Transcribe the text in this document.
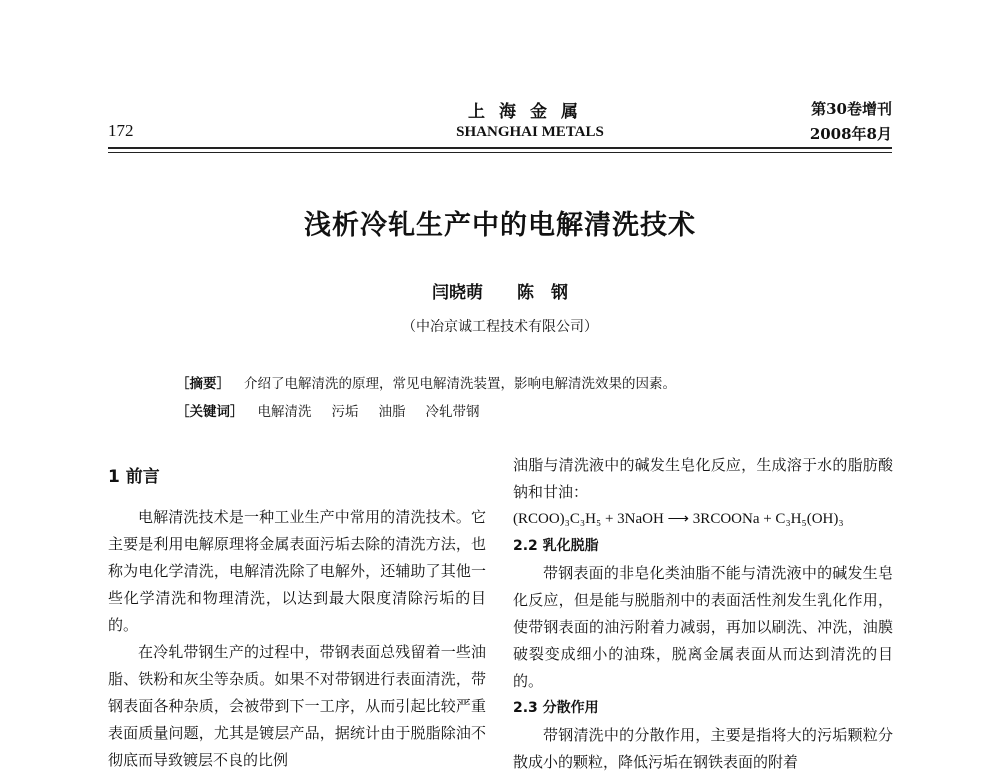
上海金属
SHANGHAI METALS
172
第30卷增刊
2008年8月
浅析冷轧生产中的电解清洗技术
闫晓萌 陈　钢
（中冶京诚工程技术有限公司）
［摘要］ 介绍了电解清洗的原理，常见电解清洗装置，影响电解清洗效果的因素。
［关键词］ 电解清洗 污垢 油脂 冷轧带钢
1 前言

电解清洗技术是一种工业生产中常用的清洗技术。它主要是利用电解原理将金属表面污垢去除的清洗方法，也称为电化学清洗，电解清洗除了电解外，还辅助了其他一些化学清洗和物理清洗，以达到最大限度清除污垢的目的。

在冷轧带钢生产的过程中，带钢表面总残留着一些油脂、铁粉和灰尘等杂质。如果不对带钢进行表面清洗，带钢表面各种杂质，会被带到下一工序，从而引起比较严重表面质量问题，尤其是镀层产品，据统计由于脱脂除油不彻底而导致镀层不良的比例

油脂与清洗液中的碱发生皂化反应，生成溶于水的脂肪酸钠和甘油：

(RCOO)₃C₃H₅ + 3NaOH ⟶ 3RCOONa + C₃H₅(OH)₃

2.2 乳化脱脂

带钢表面的非皂化类油脂不能与清洗液中的碱发生皂化反应，但是能与脱脂剂中的表面活性剂发生乳化作用，使带钢表面的油污附着力减弱，再加以刷洗、冲洗，油膜破裂变成细小的油珠，脱离金属表面从而达到清洗的目的。

2.3 分散作用

带钢清洗中的分散作用，主要是指将大的污垢颗粒分散成小的颗粒，降低污垢在钢铁表面的附着
